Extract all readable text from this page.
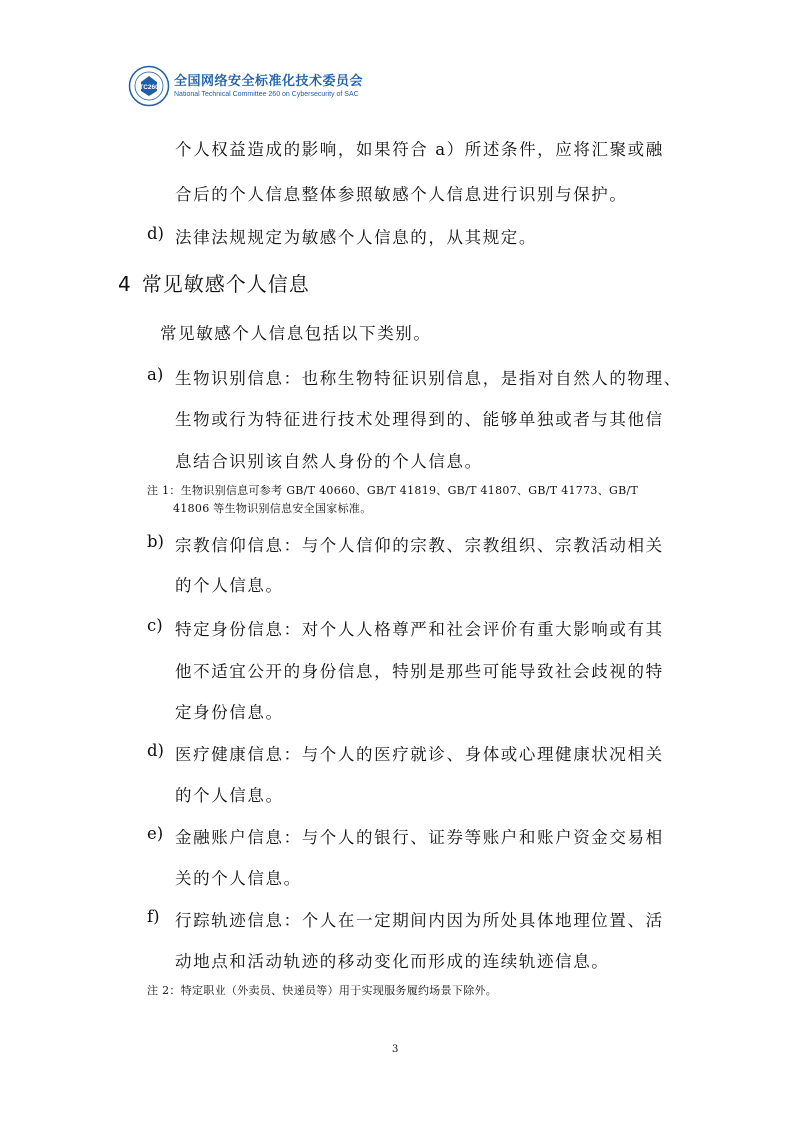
TC260 全国网络安全标准化技术委员会
National Technical Committee 260 on Cybersecurity of SAC
个人权益造成的影响，如果符合 a）所述条件，应将汇聚或融
合后的个人信息整体参照敏感个人信息进行识别与保护。
d) 法律法规规定为敏感个人信息的，从其规定。
4 常见敏感个人信息
常见敏感个人信息包括以下类别。
a) 生物识别信息：也称生物特征识别信息，是指对自然人的物理、
生物或行为特征进行技术处理得到的、能够单独或者与其他信
息结合识别该自然人身份的个人信息。
注 1：生物识别信息可参考 GB/T 40660、GB/T 41819、GB/T 41807、GB/T 41773、GB/T
41806 等生物识别信息安全国家标准。
b) 宗教信仰信息：与个人信仰的宗教、宗教组织、宗教活动相关
的个人信息。
c) 特定身份信息：对个人人格尊严和社会评价有重大影响或有其
他不适宜公开的身份信息，特别是那些可能导致社会歧视的特
定身份信息。
d) 医疗健康信息：与个人的医疗就诊、身体或心理健康状况相关
的个人信息。
e) 金融账户信息：与个人的银行、证券等账户和账户资金交易相
关的个人信息。
f) 行踪轨迹信息：个人在一定期间内因为所处具体地理位置、活
动地点和活动轨迹的移动变化而形成的连续轨迹信息。
注 2：特定职业（外卖员、快递员等）用于实现服务履约场景下除外。
3
